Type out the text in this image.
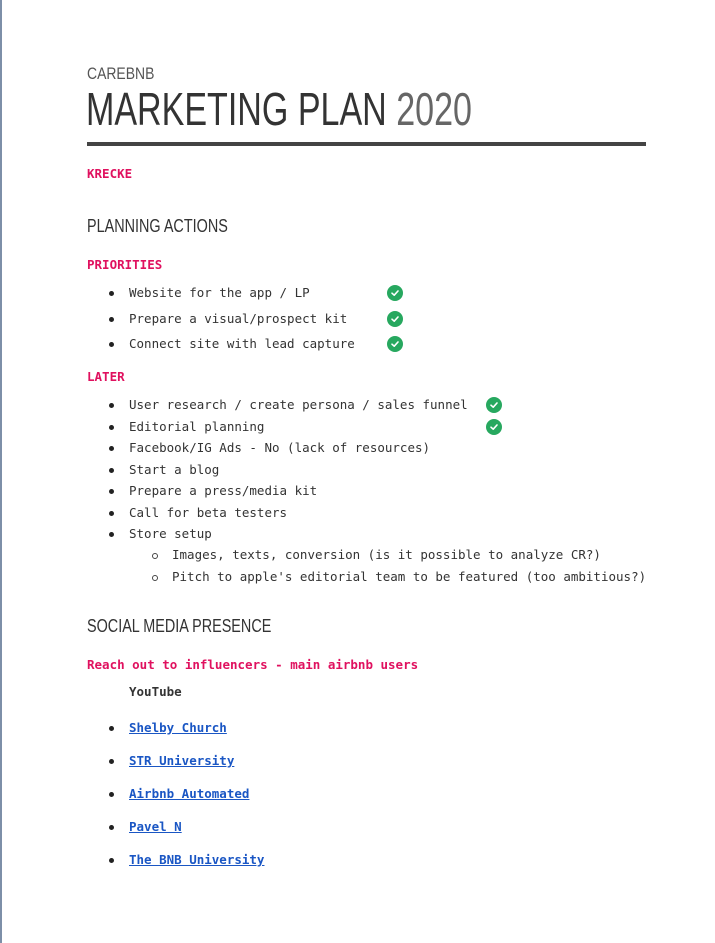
CAREBNB
MARKETING PLAN 2020
KRECKE
PLANNING ACTIONS
PRIORITIES
Website for the app / LP
Prepare a visual/prospect kit
Connect site with lead capture
LATER
User research / create persona / sales funnel
Editorial planning
Facebook/IG Ads - No (lack of resources)
Start a blog
Prepare a press/media kit
Call for beta testers
Store setup
Images, texts, conversion (is it possible to analyze CR?)
Pitch to apple's editorial team to be featured (too ambitious?)
SOCIAL MEDIA PRESENCE
Reach out to influencers - main airbnb users
YouTube
Shelby Church
STR University
Airbnb Automated
Pavel N
The BNB University
